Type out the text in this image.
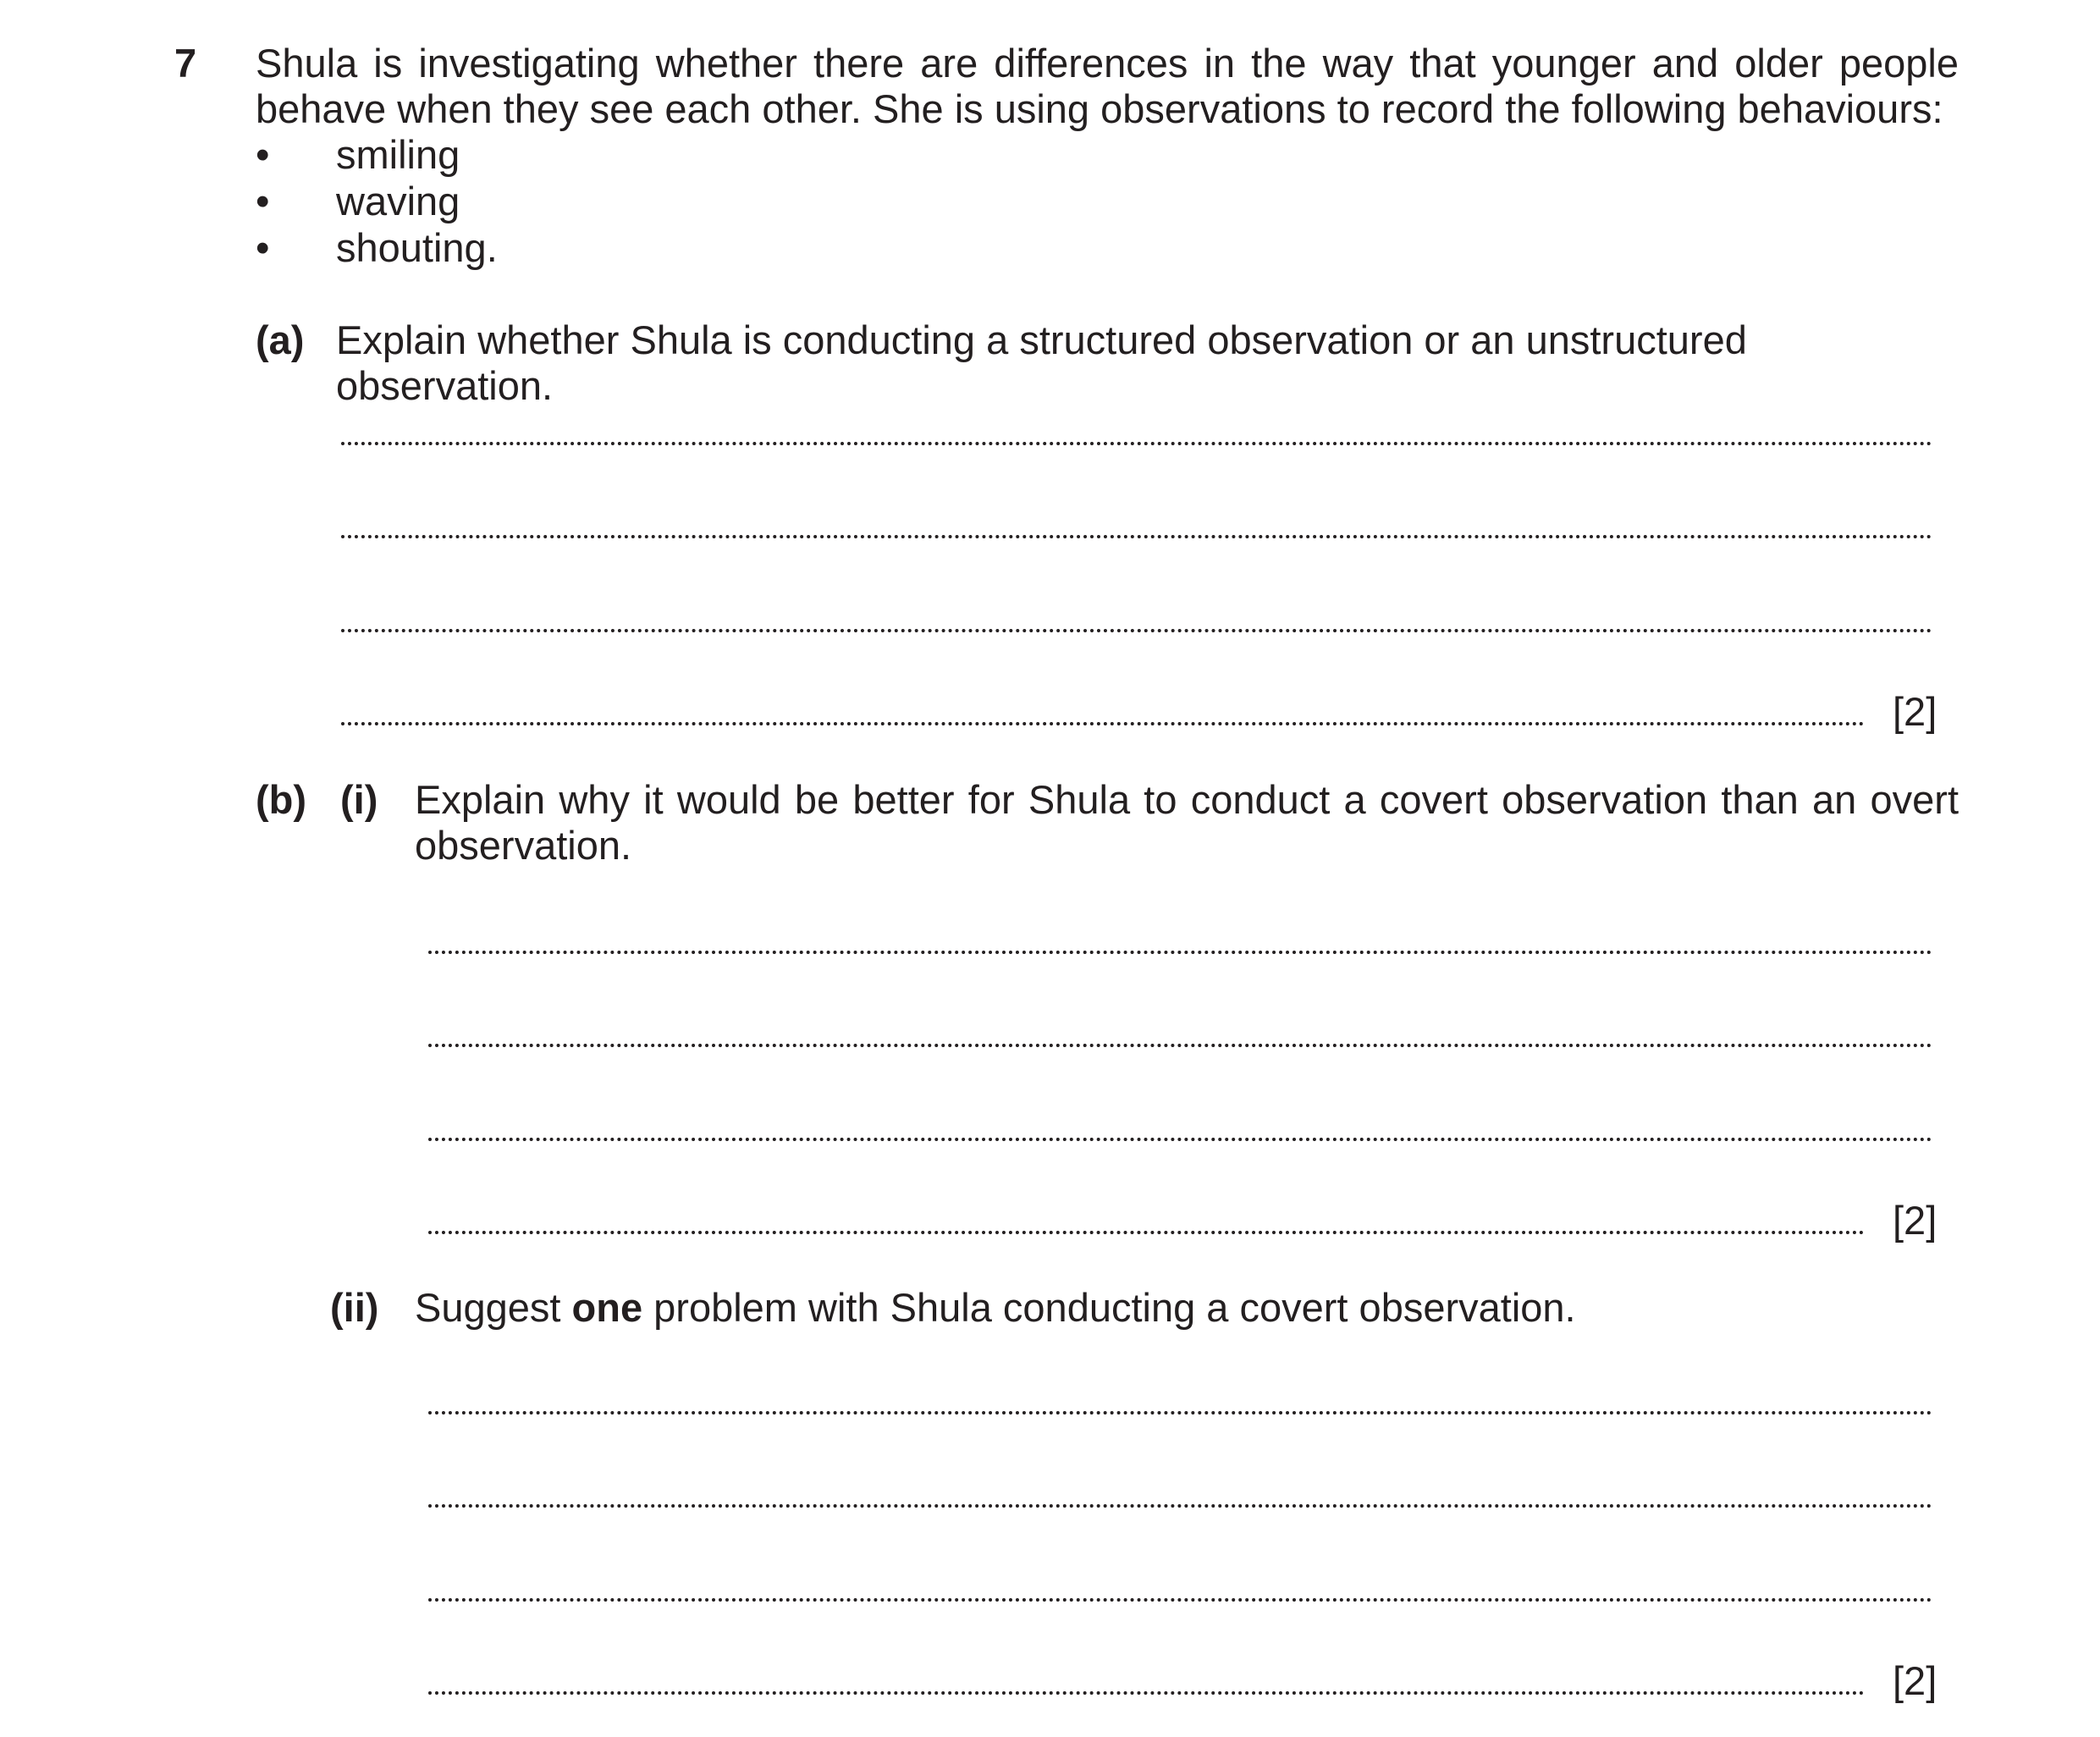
7 Shula is investigating whether there are differences in the way that younger and older people behave when they see each other. She is using observations to record the following behaviours:
• smiling
• waving
• shouting.
(a) Explain whether Shula is conducting a structured observation or an unstructured observation.
[2]
(b) (i) Explain why it would be better for Shula to conduct a covert observation than an overt observation.
[2]
(ii) Suggest one problem with Shula conducting a covert observation.
[2]
